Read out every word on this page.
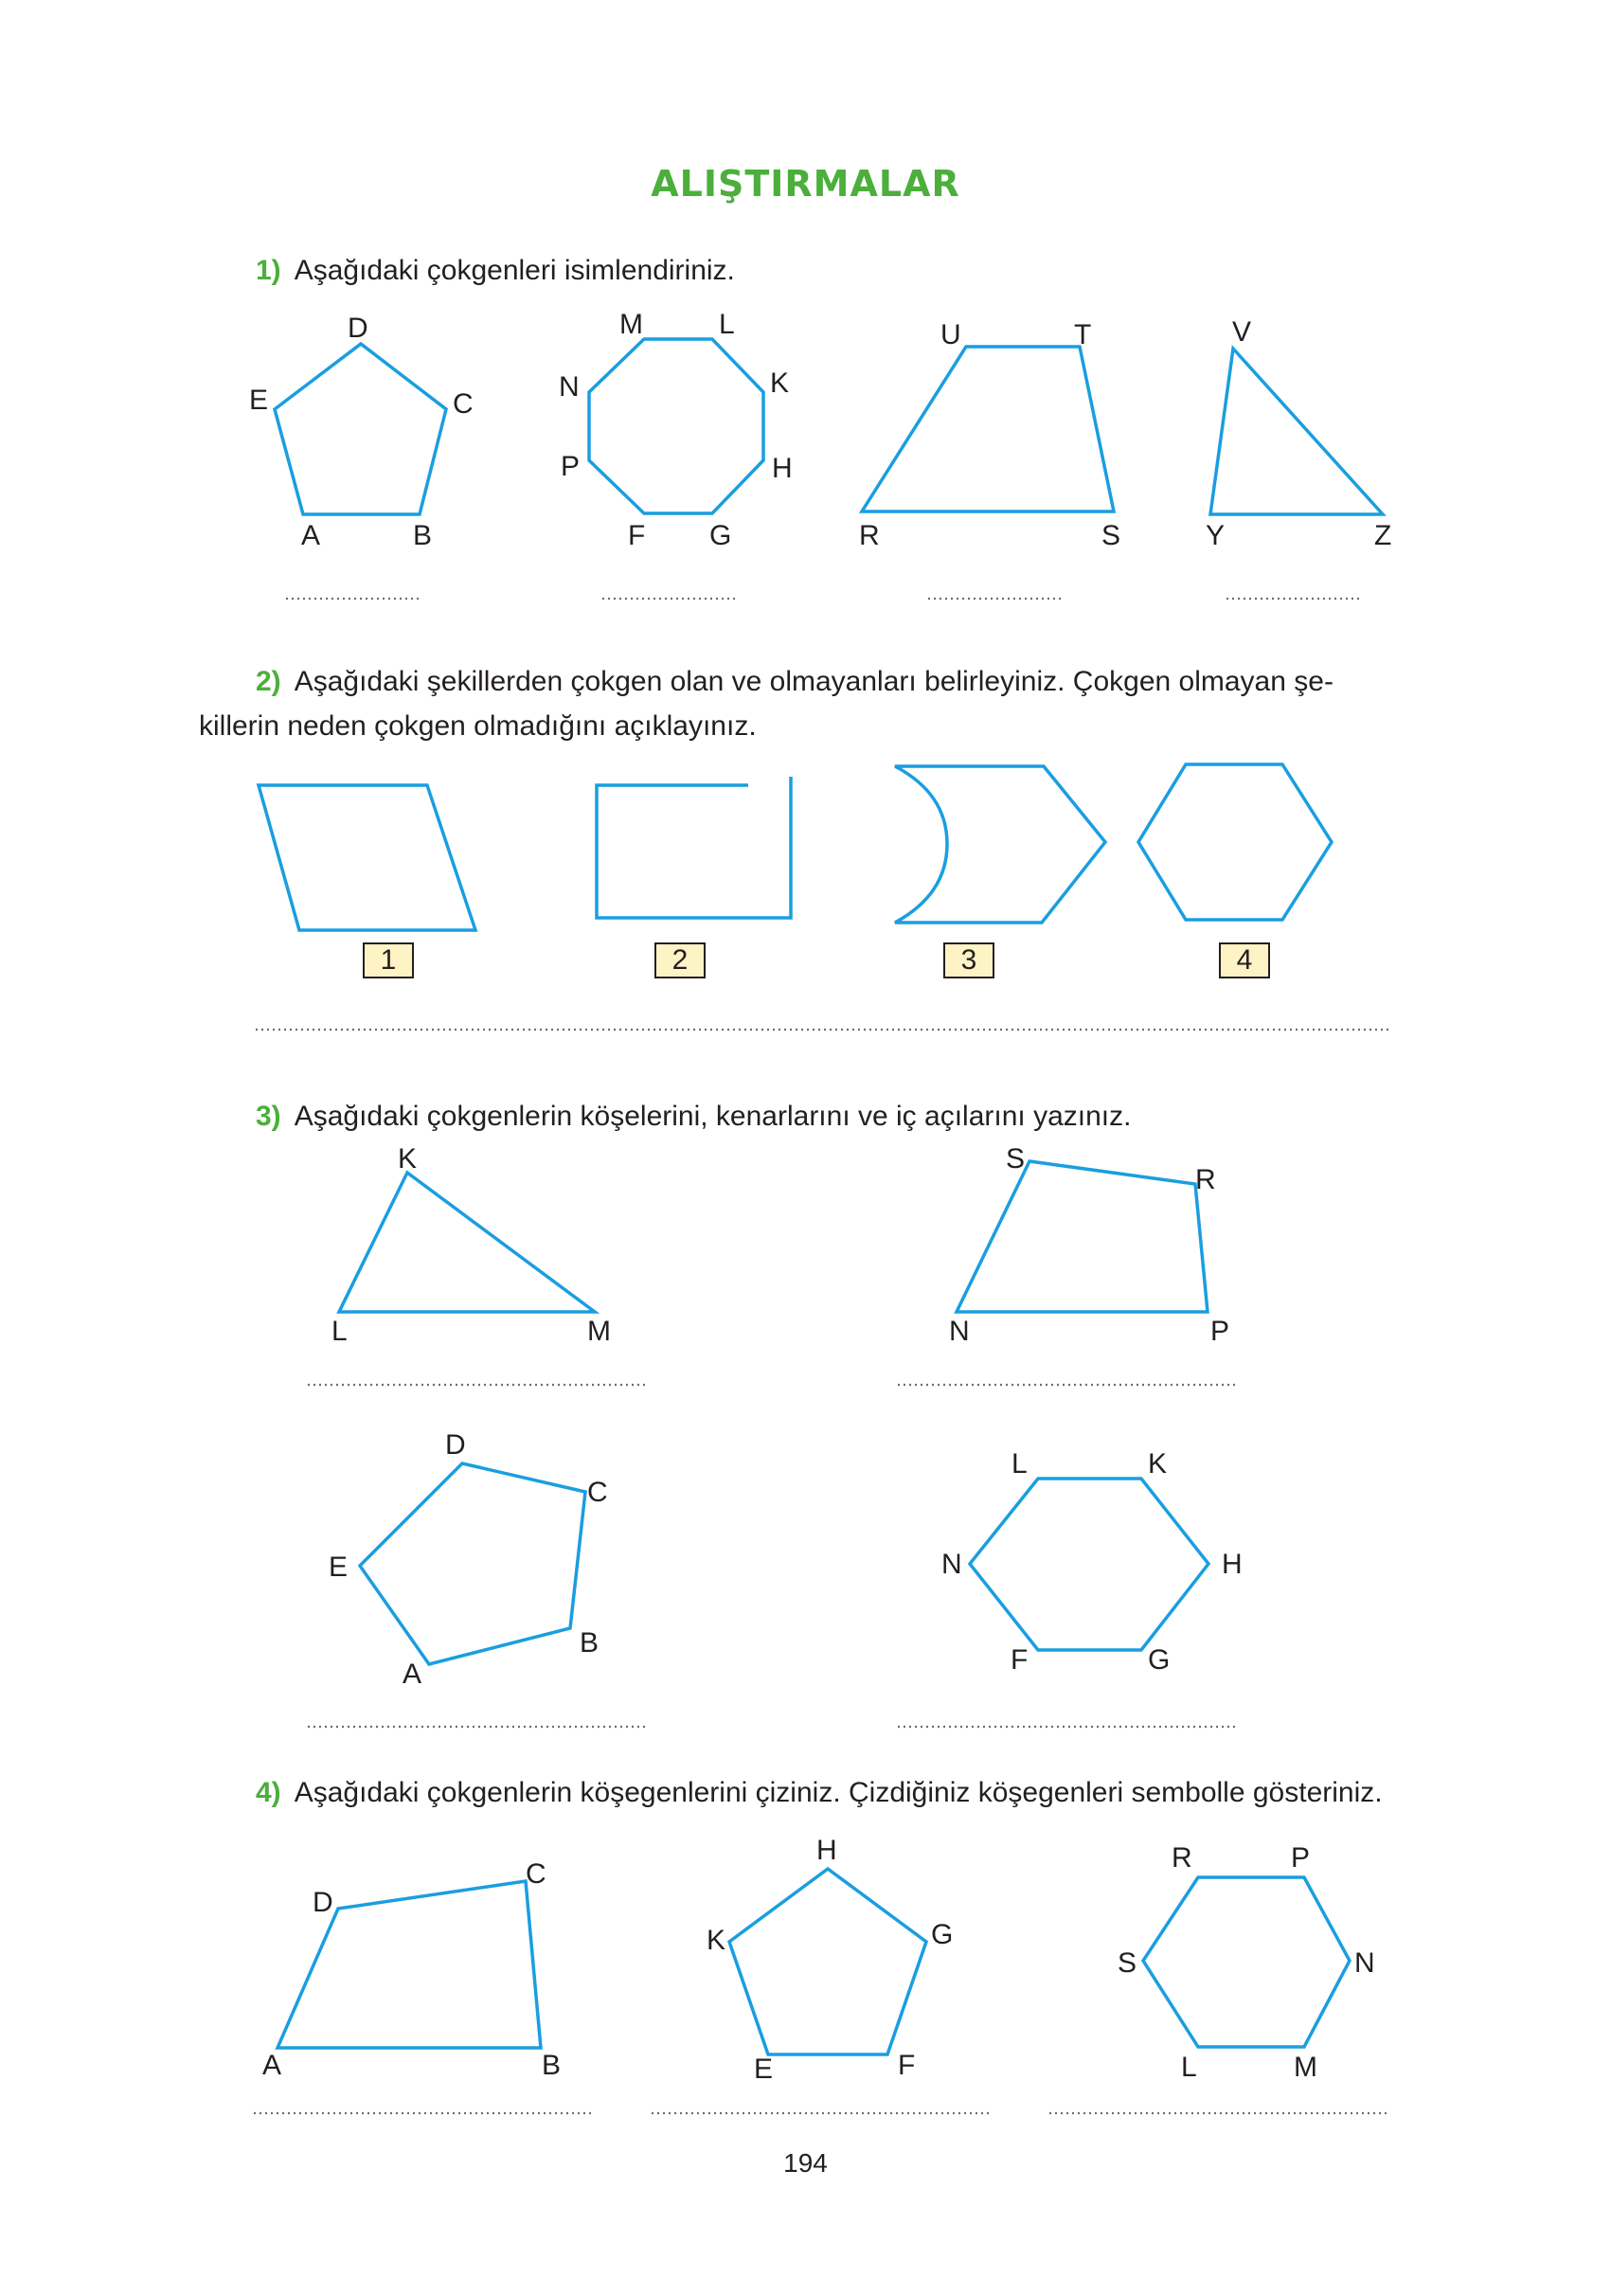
ALIŞTIRMALAR
1) Aşağıdaki çokgenleri isimlendiriniz.
2) Aşağıdaki şekillerden çokgen olan ve olmayanları belirleyiniz. Çokgen olmayan şe-
killerin neden çokgen olmadığını açıklayınız.
3) Aşağıdaki çokgenlerin köşelerini, kenarlarını ve iç açılarını yazınız.
4) Aşağıdaki çokgenlerin köşegenlerini çiziniz. Çizdiğiniz köşegenleri sembolle gösteriniz.
1	2	3	4
A	B
C
D
E
M	L
K
H
G
F
P
N
U	T
S
R
V
Z
Y
K
L	M
S
R
P
N
D
C
B
A
E
L	K
H
G
F
N
D
C
B
A
H
G
F
E
K
R	P
N
M
L
S
194
